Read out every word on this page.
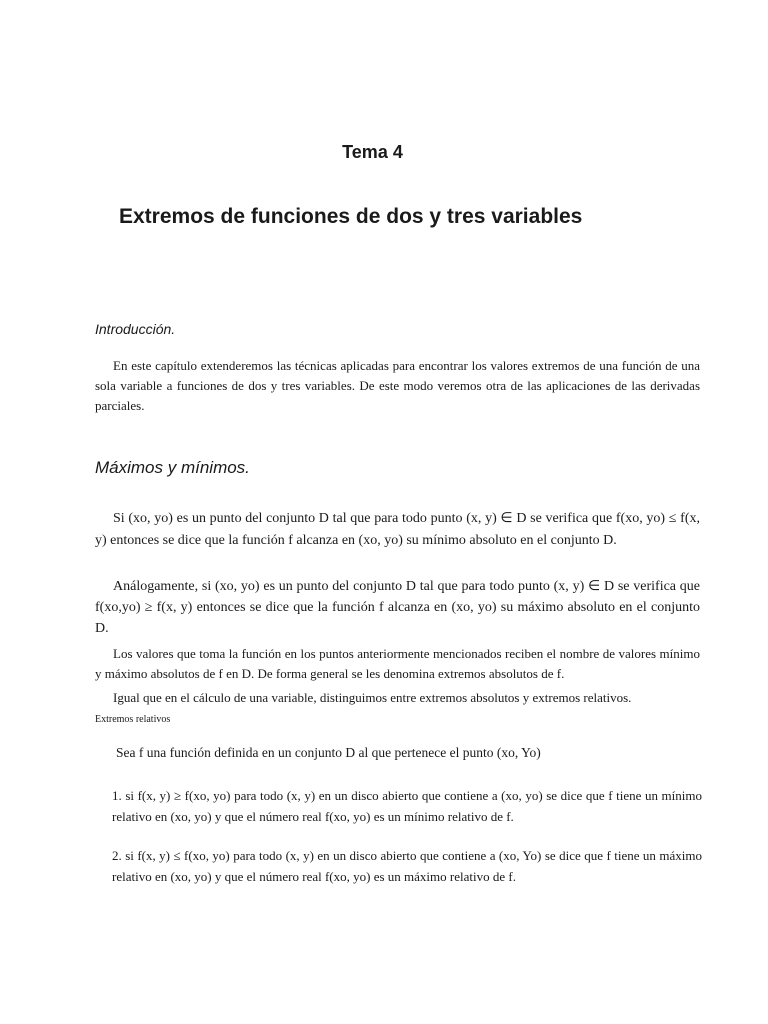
Tema 4
Extremos de funciones de dos y tres variables
Introducción.

En este capítulo extenderemos las técnicas aplicadas para encontrar los valores extremos de una función de una sola variable a funciones de dos y tres variables. De este modo veremos otra de las aplicaciones de las derivadas parciales.

Máximos y mínimos.

Si (xo, yo) es un punto del conjunto D tal que para todo punto (x, y) ∈ D se verifica que f(xo, yo) ≤ f(x, y) entonces se dice que la función f alcanza en (xo, yo) su mínimo absoluto en el conjunto D.

Análogamente, si (xo, yo) es un punto del conjunto D tal que para todo punto (x, y) ∈ D se verifica que f(xo,yo) ≥ f(x, y) entonces se dice que la función f alcanza en (xo, yo) su máximo absoluto en el conjunto D.

Los valores que toma la función en los puntos anteriormente mencionados reciben el nombre de valores mínimo y máximo absolutos de f en D. De forma general se les denomina extremos absolutos de f.

Igual que en el cálculo de una variable, distinguimos entre extremos absolutos y extremos relativos.

Extremos relativos
Sea f una función definida en un conjunto D al que pertenece el punto (xo, Yo)

1. si f(x, y) ≥ f(xo, yo) para todo (x, y) en un disco abierto que contiene a (xo, yo) se dice que f tiene un mínimo relativo en (xo, yo) y que el número real f(xo, yo) es un mínimo relativo de f.

2. si f(x, y) ≤ f(xo, yo) para todo (x, y) en un disco abierto que contiene a (xo, Yo) se dice que f tiene un máximo relativo en (xo, yo) y que el número real f(xo, yo) es un máximo relativo de f.
